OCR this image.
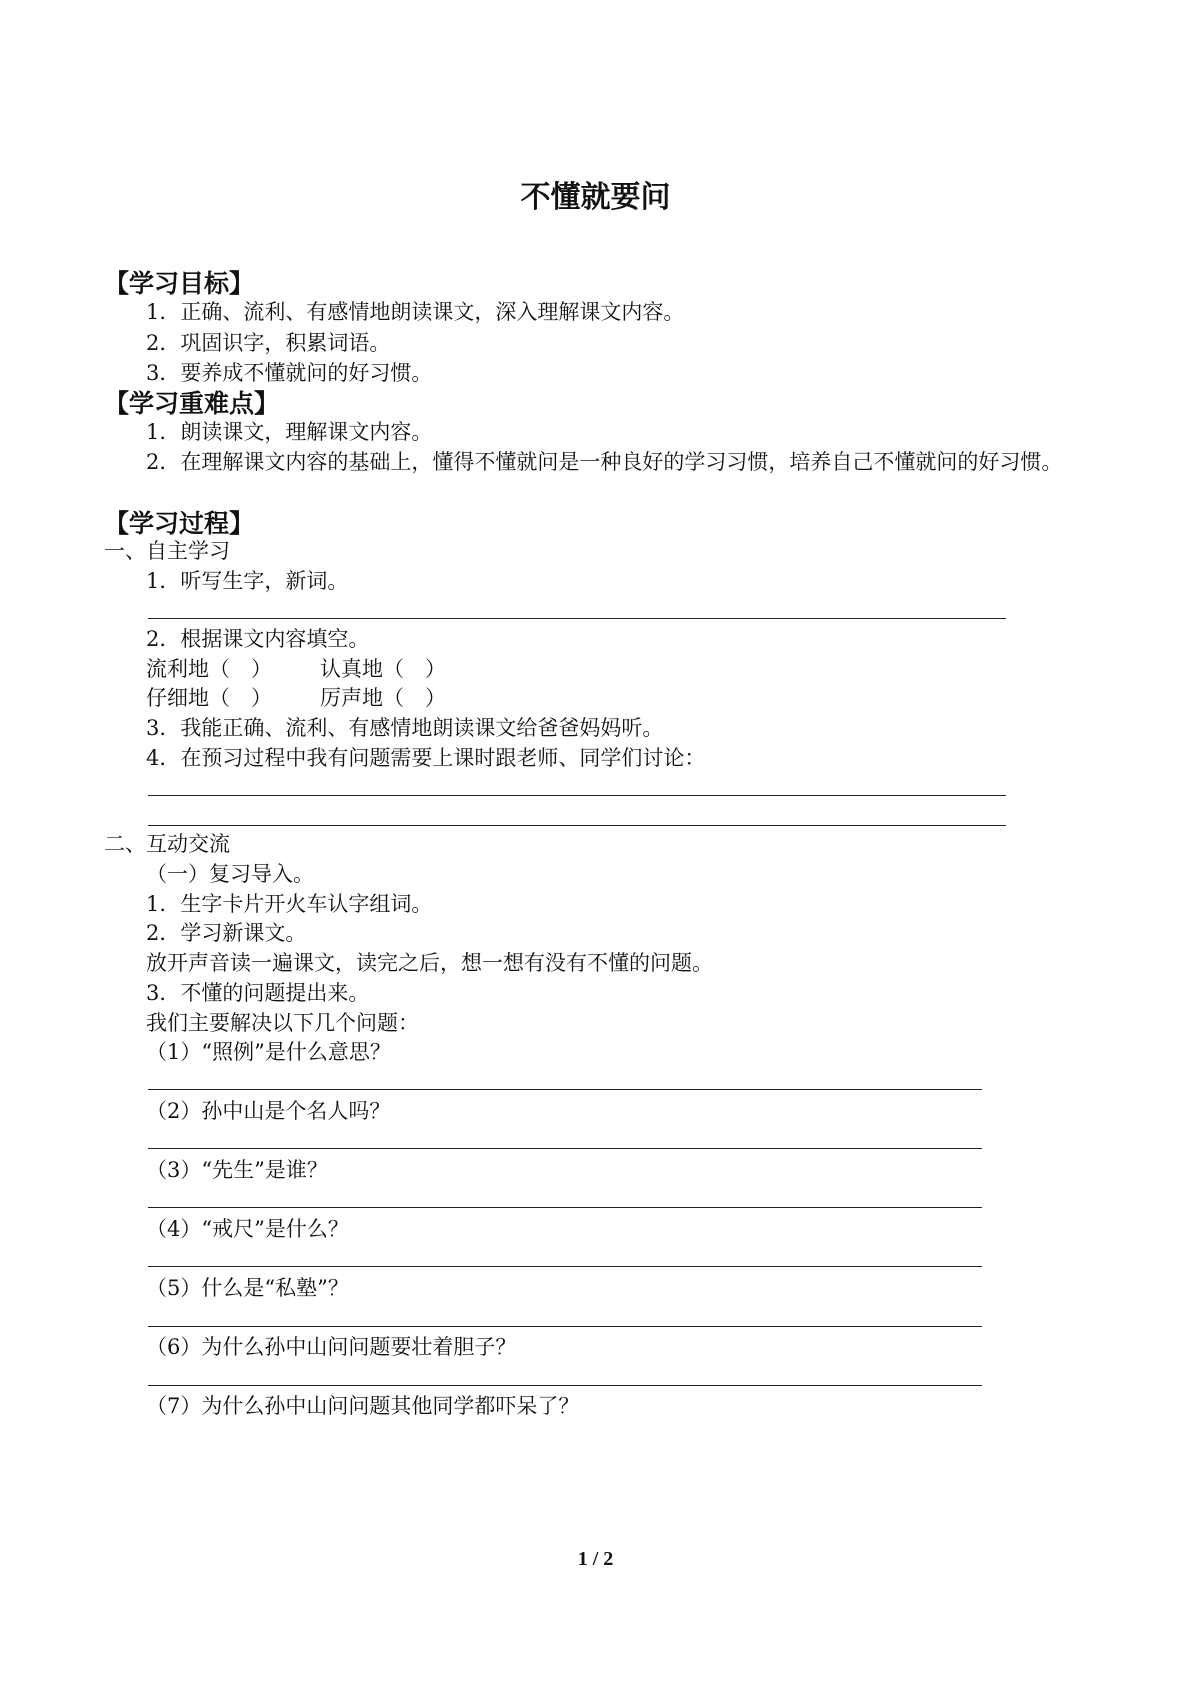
不懂就要问
【学习目标】
1．正确、流利、有感情地朗读课文，深入理解课文内容。
2．巩固识字，积累词语。
3．要养成不懂就问的好习惯。
【学习重难点】
1．朗读课文，理解课文内容。
2．在理解课文内容的基础上，懂得不懂就问是一种良好的学习习惯，培养自己不懂就问的好习惯。
【学习过程】
一、自主学习
1．听写生字，新词。
2．根据课文内容填空。
流利地（　） 认真地（　）
仔细地（　） 厉声地（　）
3．我能正确、流利、有感情地朗读课文给爸爸妈妈听。
4．在预习过程中我有问题需要上课时跟老师、同学们讨论：
二、互动交流
（一）复习导入。
1．生字卡片开火车认字组词。
2．学习新课文。
放开声音读一遍课文，读完之后，想一想有没有不懂的问题。
3．不懂的问题提出来。
我们主要解决以下几个问题：
（1）“照例”是什么意思？
（2）孙中山是个名人吗？
（3）“先生”是谁？
（4）“戒尺”是什么？
（5）什么是“私塾”？
（6）为什么孙中山问问题要壮着胆子？
（7）为什么孙中山问问题其他同学都吓呆了？
1 / 2
